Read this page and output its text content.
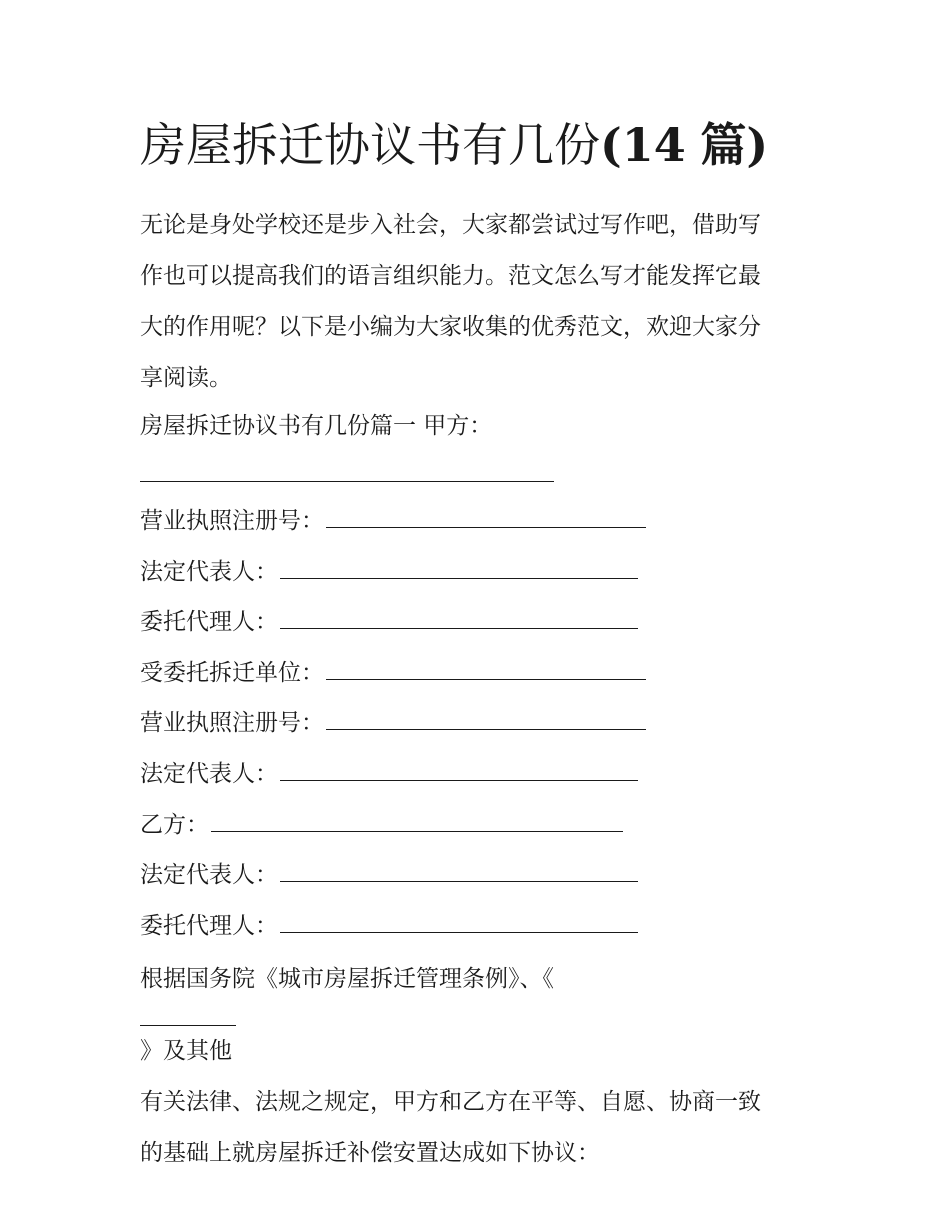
房屋拆迁协议书有几份(14 篇)
无论是身处学校还是步入社会，大家都尝试过写作吧，借助写
作也可以提高我们的语言组织能力。范文怎么写才能发挥它最
大的作用呢？以下是小编为大家收集的优秀范文，欢迎大家分
享阅读。

房屋拆迁协议书有几份篇一 甲方：

营业执照注册号：

法定代表人：

委托代理人：

受委托拆迁单位：

营业执照注册号：

法定代表人：

乙方：

法定代表人：

委托代理人：

根据国务院《城市房屋拆迁管理条例》、《
》及其他
有关法律、法规之规定，甲方和乙方在平等、自愿、协商一致
的基础上就房屋拆迁补偿安置达成如下协议：
